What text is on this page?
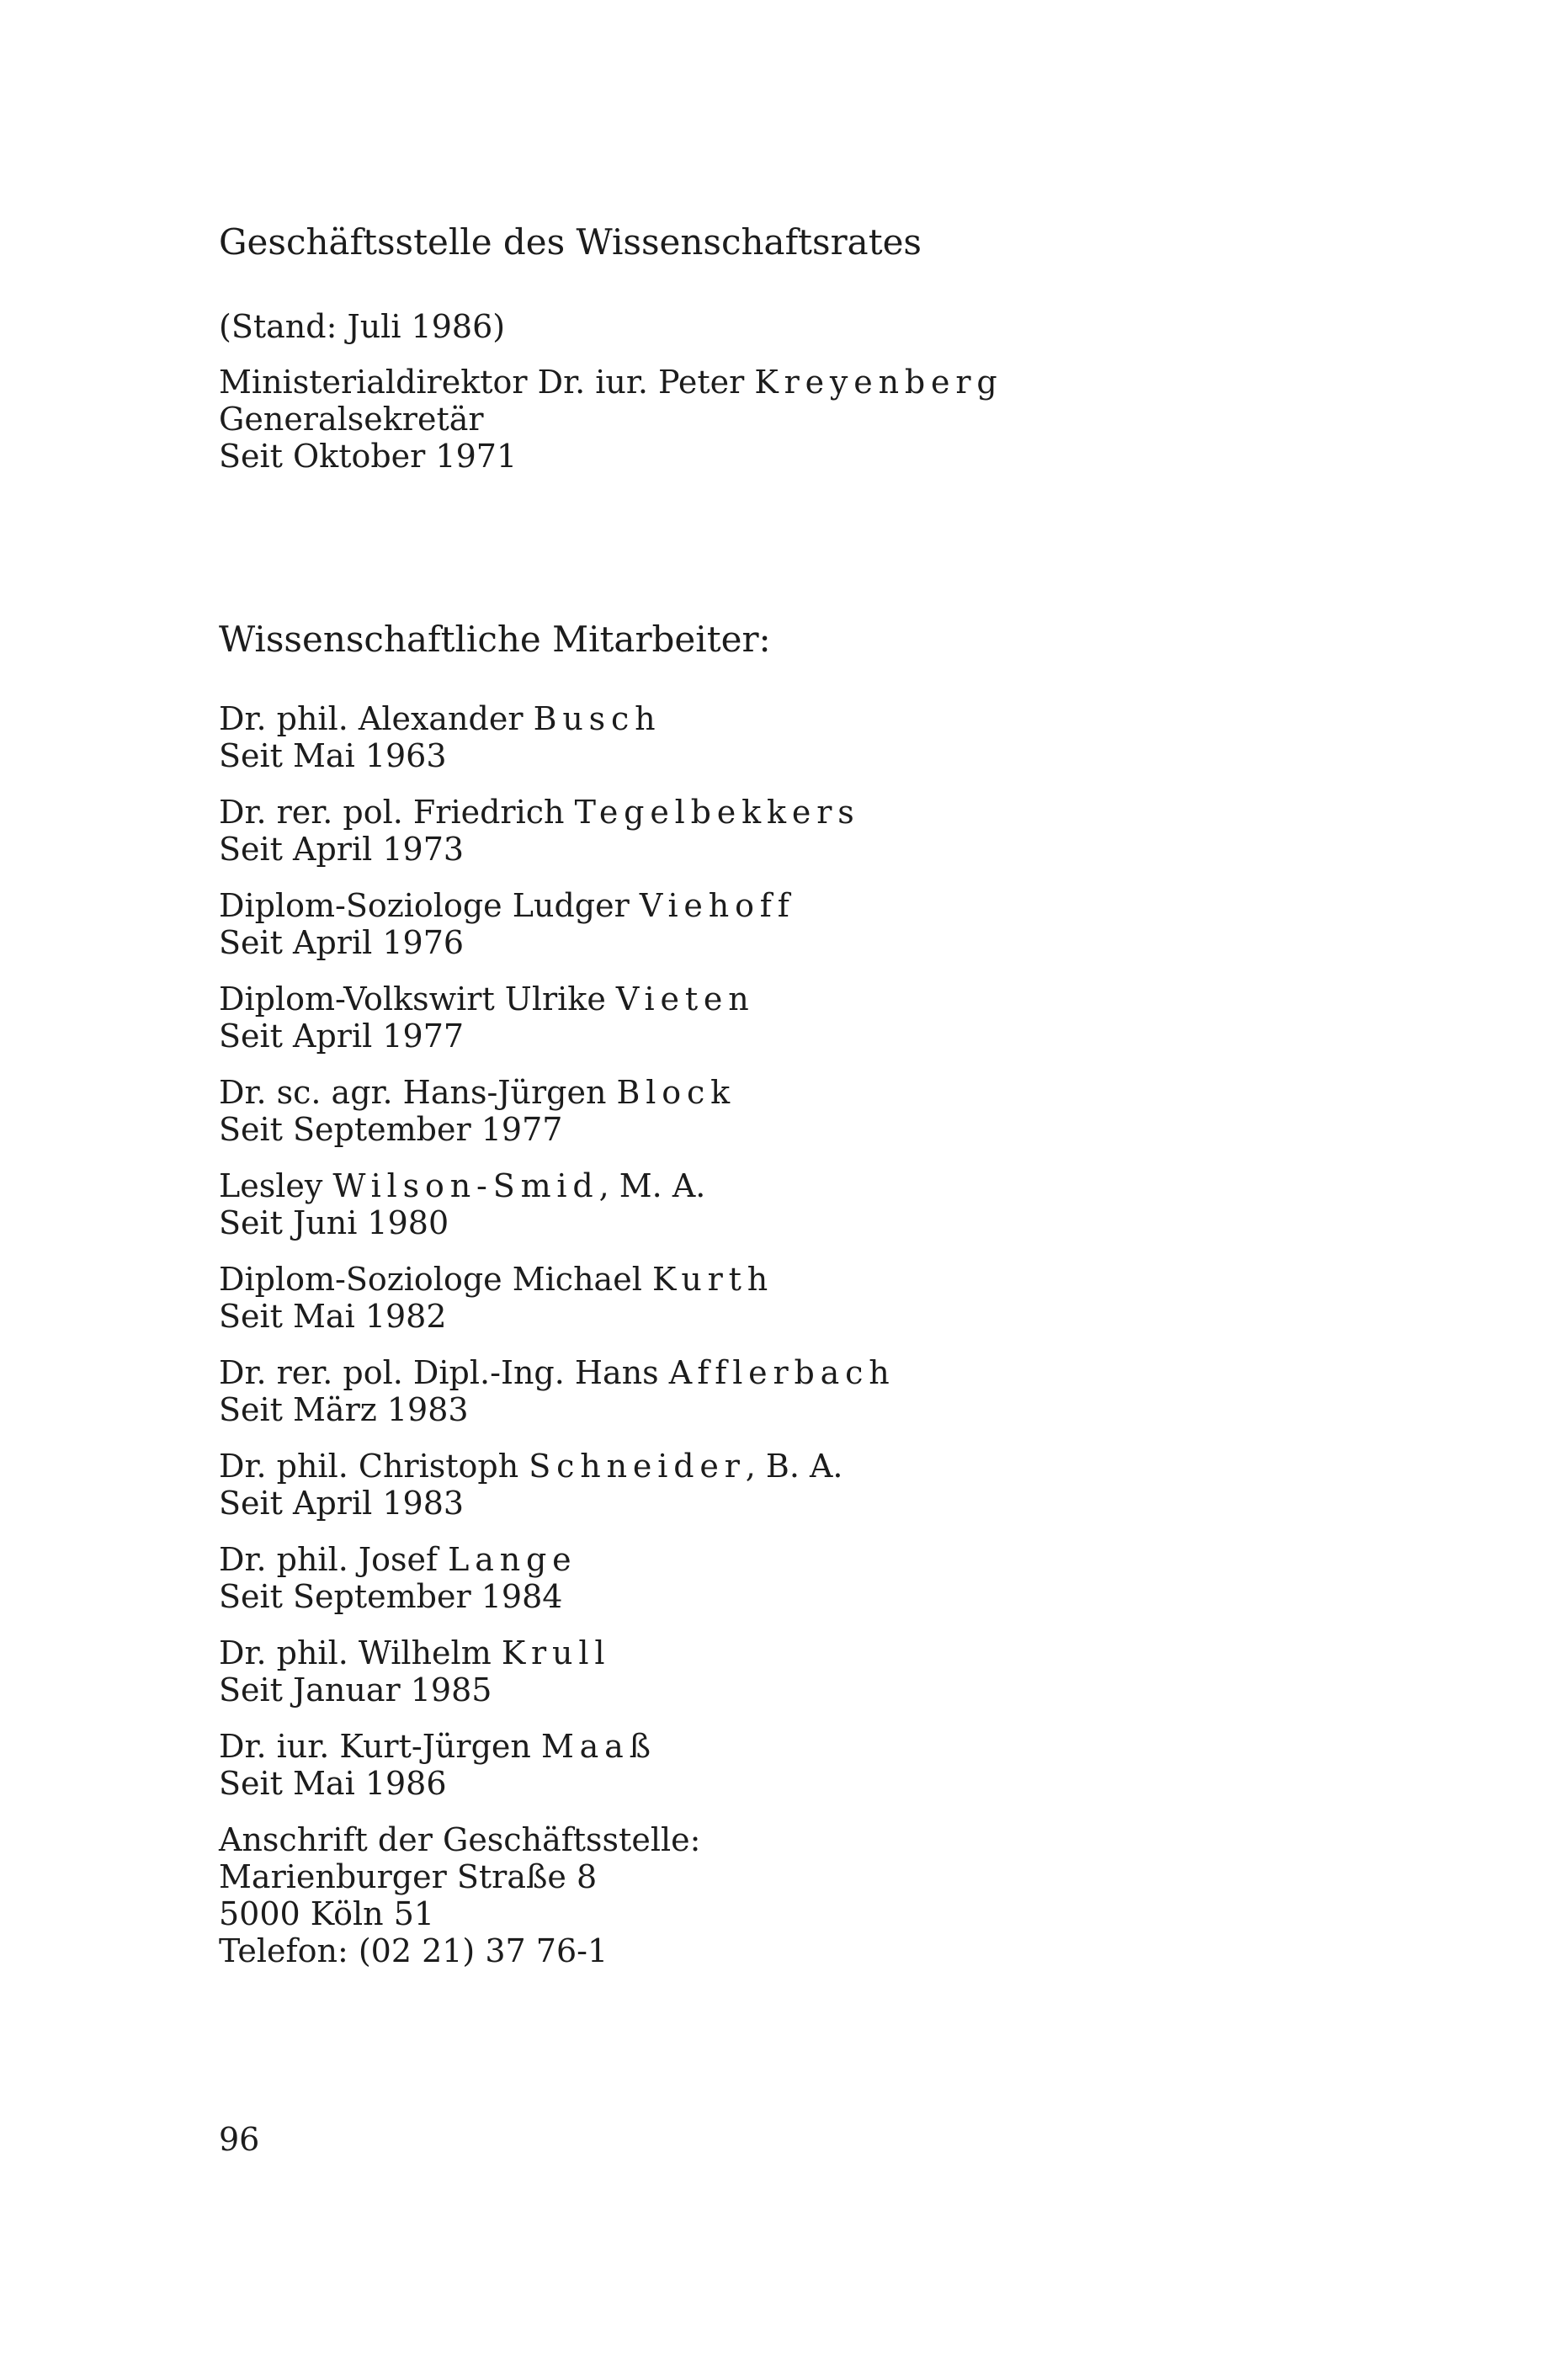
Geschäftsstelle des Wissenschaftsrates
(Stand: Juli 1986)
Ministerialdirektor Dr. iur. Peter Kreyenberg
Generalsekretär
Seit Oktober 1971
Wissenschaftliche Mitarbeiter:
Dr. phil. Alexander Busch
Seit Mai 1963
Dr. rer. pol. Friedrich Tegelbekkers
Seit April 1973
Diplom-Soziologe Ludger Viehoff
Seit April 1976
Diplom-Volkswirt Ulrike Vieten
Seit April 1977
Dr. sc. agr. Hans-Jürgen Block
Seit September 1977
Lesley Wilson-Smid, M. A.
Seit Juni 1980
Diplom-Soziologe Michael Kurth
Seit Mai 1982
Dr. rer. pol. Dipl.-Ing. Hans Afflerbach
Seit März 1983
Dr. phil. Christoph Schneider, B. A.
Seit April 1983
Dr. phil. Josef Lange
Seit September 1984
Dr. phil. Wilhelm Krull
Seit Januar 1985
Dr. iur. Kurt-Jürgen Maaß
Seit Mai 1986
Anschrift der Geschäftsstelle:
Marienburger Straße 8
5000 Köln 51
Telefon: (02 21) 37 76-1
96
